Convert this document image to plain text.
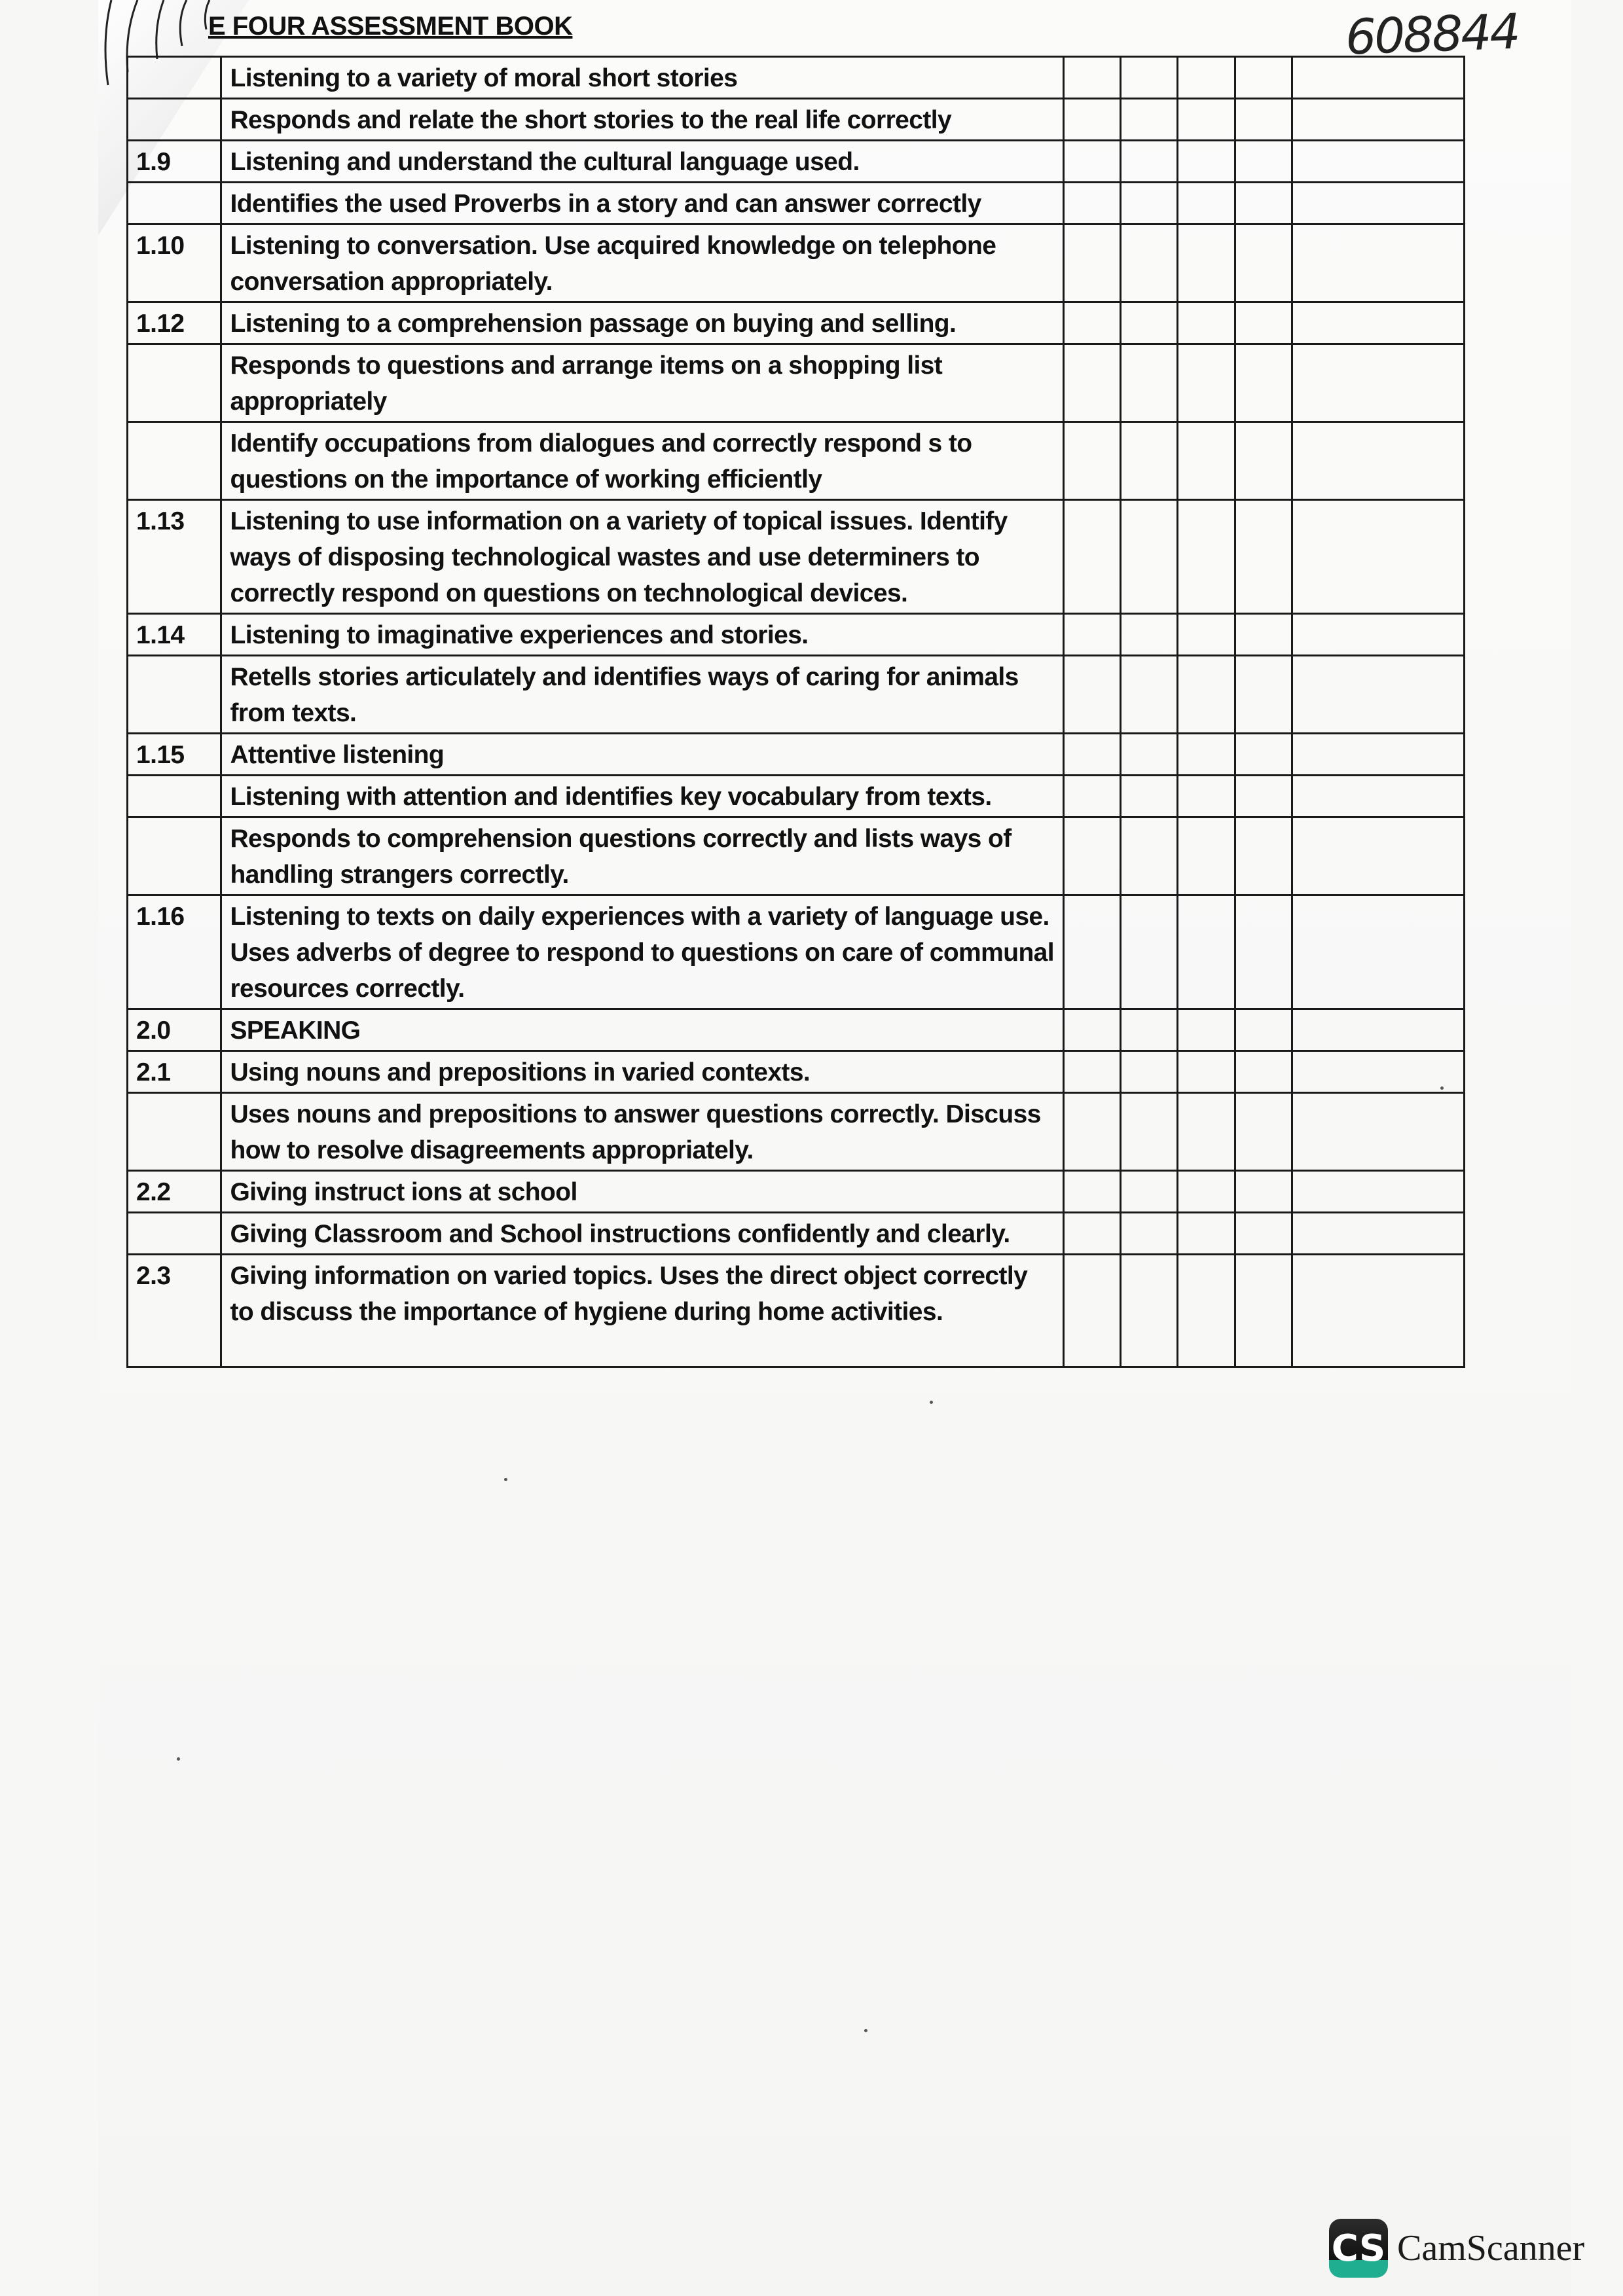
E FOUR ASSESSMENT BOOK	608844
	Listening to a variety of moral short stories					
	Responds and relate the short stories to the real life correctly					
1.9	Listening and understand the cultural language used.					
	Identifies the used Proverbs in a story and can answer correctly					
1.10	Listening to conversation. Use acquired knowledge on telephone conversation appropriately.					
1.12	Listening to a comprehension passage on buying and selling.					
	Responds to questions and arrange items on a shopping list appropriately					
	Identify occupations from dialogues and correctly respond s to questions on the importance of working efficiently					
1.13	Listening to use information on a variety of topical issues. Identify ways of disposing technological wastes and use determiners to correctly respond on questions on technological devices.					
1.14	Listening to imaginative experiences and stories.					
	Retells stories articulately and identifies ways of caring for animals from texts.					
1.15	Attentive listening					
	Listening with attention and identifies key vocabulary from texts.					
	Responds to comprehension questions correctly and lists ways of handling strangers correctly.					
1.16	Listening to texts on daily experiences with a variety of language use. Uses adverbs of degree to respond to questions on care of communal resources correctly.					
2.0	SPEAKING					
2.1	Using nouns and prepositions in varied contexts.					
	Uses nouns and prepositions to answer questions correctly. Discuss how to resolve disagreements appropriately.					
2.2	Giving instruct ions at school					
	Giving Classroom and School instructions confidently and clearly.					
2.3	Giving information on varied topics. Uses the direct object correctly to discuss the importance of hygiene during home activities.					
CS CamScanner
